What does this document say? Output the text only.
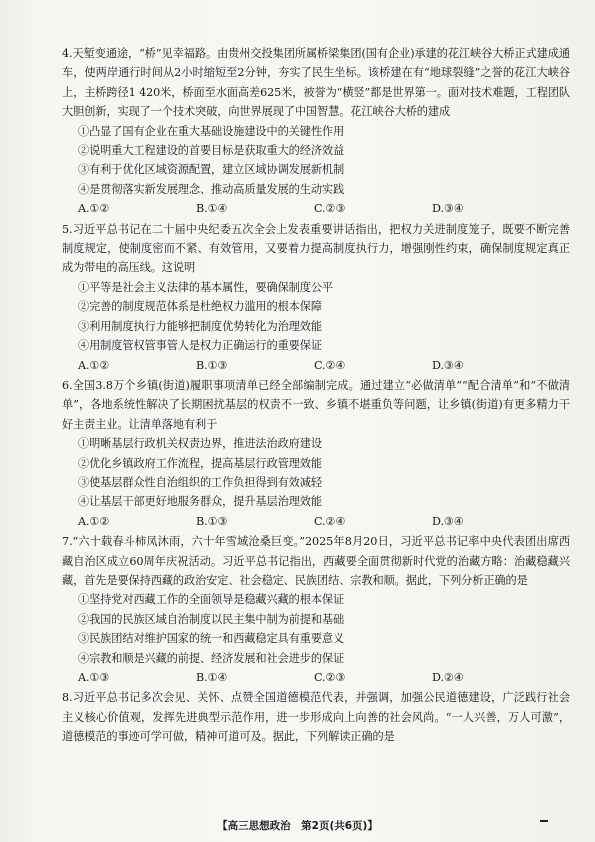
4.天堑变通途，“桥”见幸福路。由贵州交投集团所属桥梁集团(国有企业)承建的花江峡谷大桥正式建成通车，使两岸通行时间从2小时缩短至2分钟，夯实了民生坐标。该桥建在有“地球裂缝”之誉的花江大峡谷上，主桥跨径1 420米，桥面至水面高差625米，被誉为“横竖”都是世界第一。面对技术难题，工程团队大胆创新，实现了一个技术突破，向世界展现了中国智慧。花江峡谷大桥的建成
①凸显了国有企业在重大基础设施建设中的关键性作用
②说明重大工程建设的首要目标是获取重大的经济效益
③有利于优化区域资源配置，建立区域协调发展新机制
④是贯彻落实新发展理念、推动高质量发展的生动实践
A.①②	B.①④	C.②③	D.③④
5.习近平总书记在二十届中央纪委五次全会上发表重要讲话指出，把权力关进制度笼子，既要不断完善制度规定，使制度密而不紧、有效管用，又要着力提高制度执行力，增强刚性约束，确保制度规定真正成为带电的高压线。这说明
①平等是社会主义法律的基本属性，要确保制度公平
②完善的制度规范体系是杜绝权力滥用的根本保障
③利用制度执行力能够把制度优势转化为治理效能
④用制度管权管事管人是权力正确运行的重要保证
A.①②	B.①③	C.②④	D.③④
6.全国3.8万个乡镇(街道)履职事项清单已经全部编制完成。通过建立“必做清单”“配合清单”和“不做清单”，各地系统性解决了长期困扰基层的权责不一致、乡镇不堪重负等问题，让乡镇(街道)有更多精力干好主责主业。让清单落地有利于
①明晰基层行政机关权责边界，推进法治政府建设
②优化乡镇政府工作流程，提高基层行政管理效能
③使基层群众性自治组织的工作负担得到有效减轻
④让基层干部更好地服务群众，提升基层治理效能
A.①②	B.①③	C.②④	D.③④
7.“六十载春斗柿凤沐雨，六十年雪域沧桑巨变。”2025年8月20日，习近平总书记率中央代表团出席西藏自治区成立60周年庆祝活动。习近平总书记指出，西藏要全面贯彻新时代党的治藏方略：治藏稳藏兴藏，首先是要保持西藏的政治安定、社会稳定、民族团结、宗教和顺。据此，下列分析正确的是
①坚持党对西藏工作的全面领导是稳藏兴藏的根本保证
②我国的民族区域自治制度以民主集中制为前提和基础
③民族团结对维护国家的统一和西藏稳定具有重要意义
④宗教和顺是兴藏的前提、经济发展和社会进步的保证
A.①③	B.①④	C.②③	D.②④
8.习近平总书记多次会见、关怀、点赞全国道德模范代表，并强调，加强公民道德建设，广泛践行社会主义核心价值观，发挥先进典型示范作用，进一步形成向上向善的社会风尚。“一人兴善，万人可激”，道德模范的事迹可学可做，精神可道可及。据此，下列解读正确的是
【高三思想政治　第2页(共6页)】
